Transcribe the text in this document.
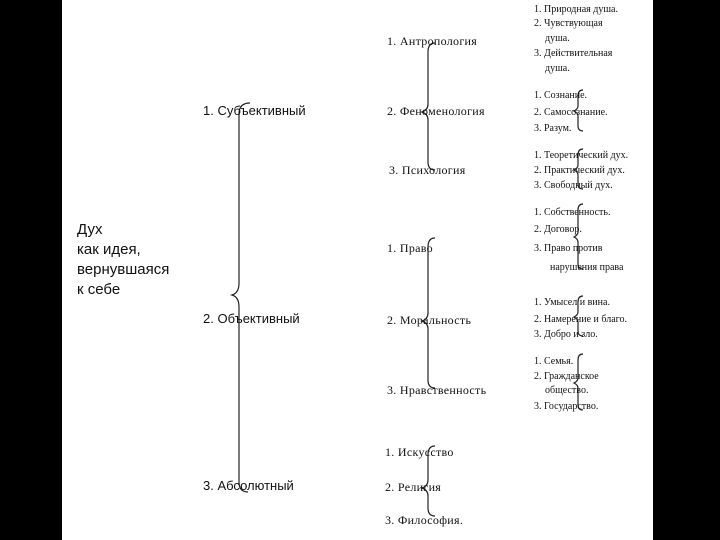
Дух
как идея,
вернувшаяся
к себе
1. Субъективный
2. Объективный
3. Абсолютный
1. Антропология
2. Феноменология
3. Психология
1. Право
2. Моральность
3. Нравственность
1. Искусство
2. Религия
3. Философия.
1. Природная душа.
2. Чувствующая
душа.
3. Действительная
душа.
1. Сознание.
2. Самосознание.
3. Разум.
1. Теоретический дух.
2. Практический дух.
3. Свободный дух.
1. Собственность.
2. Договор.
3. Право против
нарушения права
1. Умысел и вина.
2. Намерение и благо.
3. Добро и зло.
1. Семья.
2. Гражданское
общество.
3. Государство.
